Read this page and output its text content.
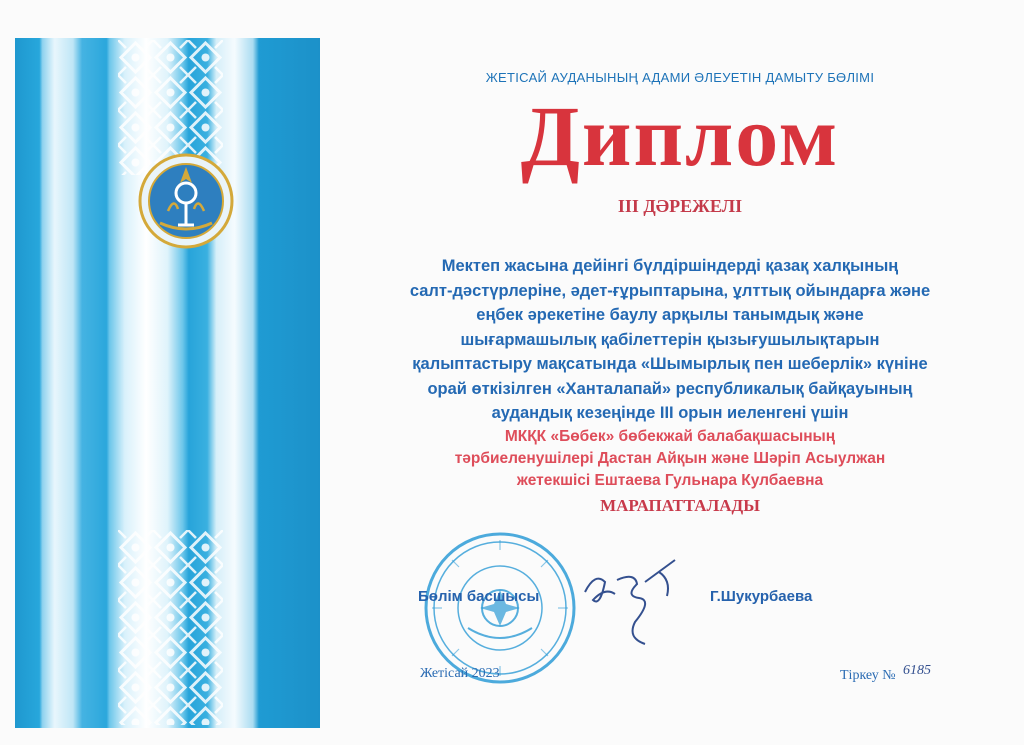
ЖЕТІСАЙ АУДАНЫНЫҢ АДАМИ ӘЛЕУЕТІН ДАМЫТУ БӨЛІМІ
Диплом
ІІІ ДӘРЕЖЕЛІ
Мектеп жасына дейінгі бүлдіршіндерді қазақ халқының
салт-дәстүрлеріне, әдет-ғұрыптарына, ұлттық ойындарға және
еңбек әрекетіне баулу арқылы танымдық және
шығармашылық қабілеттерін қызығушылықтарын
қалыптастыру мақсатында «Шымырлық пен шеберлік» күніне
орай өткізілген «Ханталапай» республикалық байқауының
аудандық кезеңінде ІІІ орын иеленгені үшін
МКҚК «Бөбек» бөбекжай балабақшасының
тәрбиеленушілері Дастан Айқын және Шәріп Асыулжан
жетекшісі Ештаева Гульнара Кулбаевна
МАРАПАТТАЛАДЫ
Бөлім басшысы	Г.Шукурбаева
Жетісай 2023	Тіркеу № 6185
